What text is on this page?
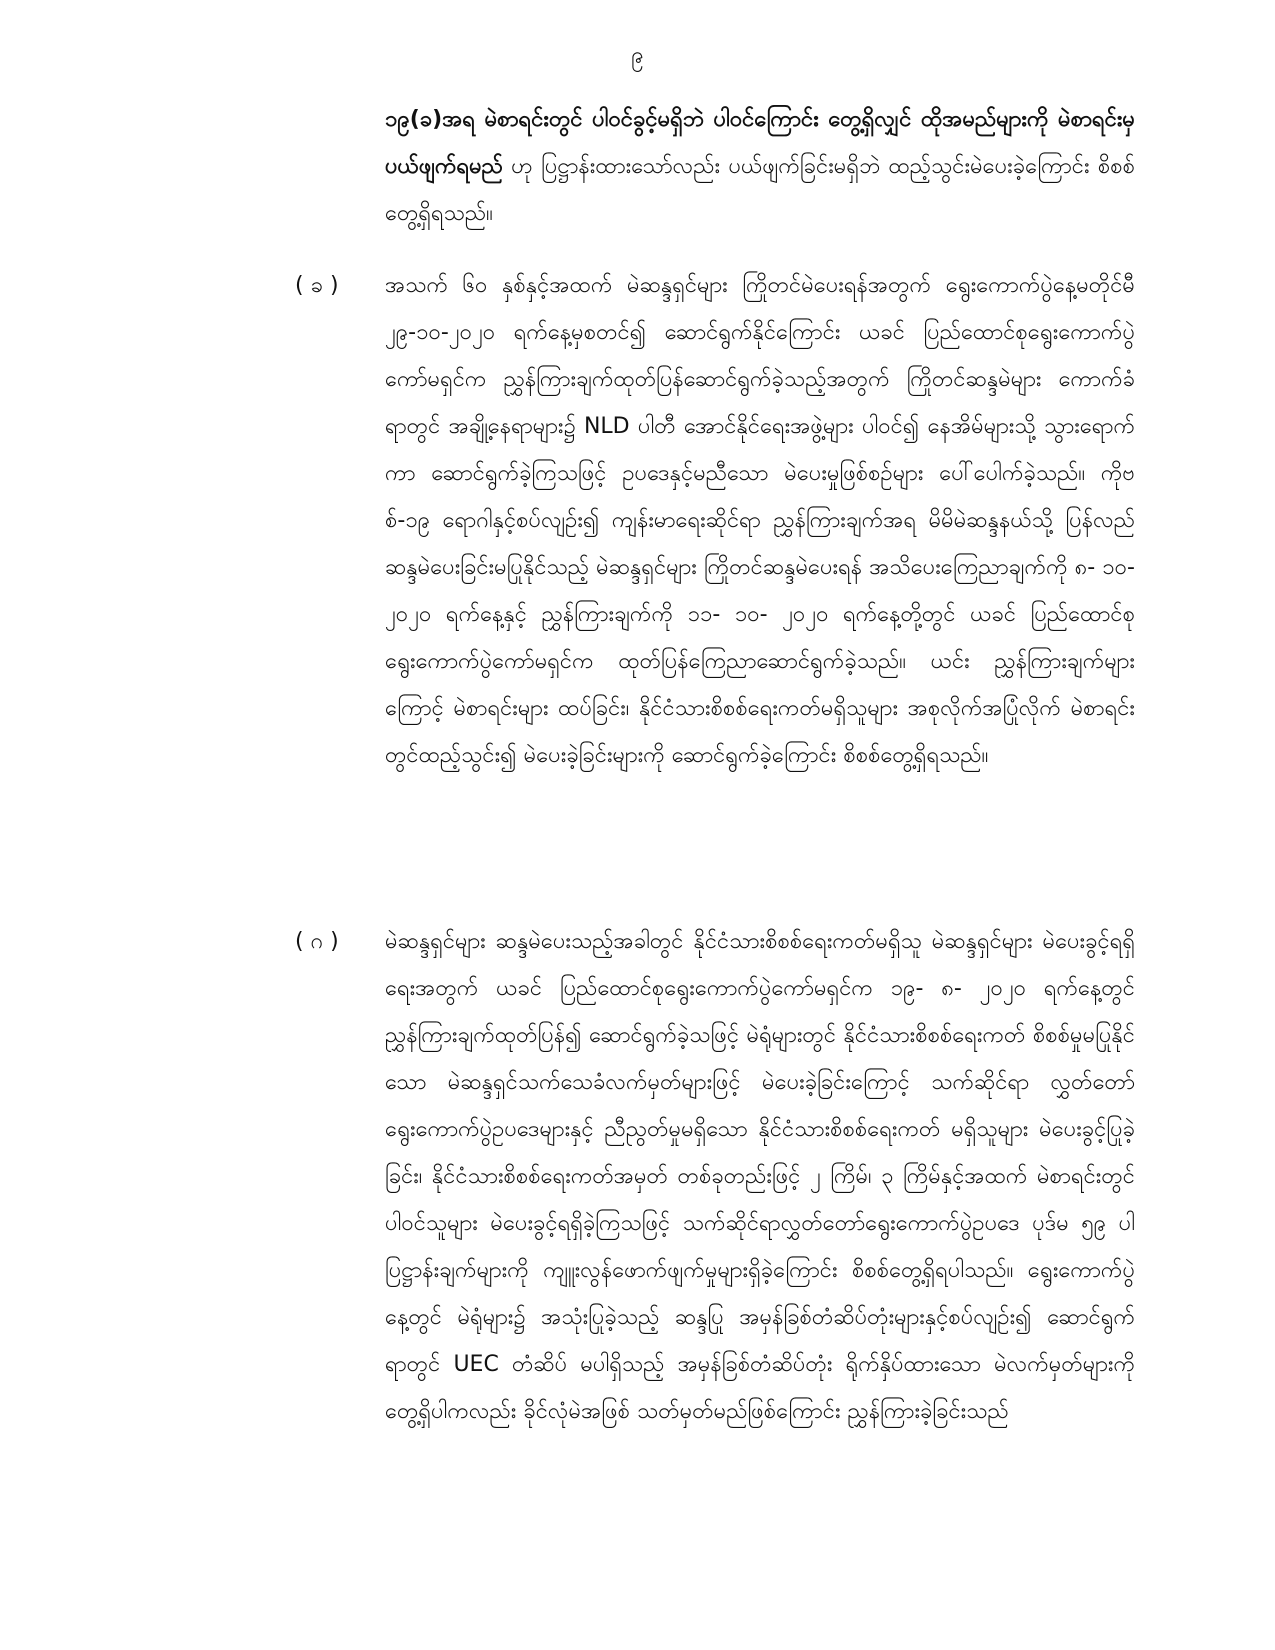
၉
၁၉(ခ)အရ မဲစာရင်းတွင် ပါဝင်ခွင့်မရှိဘဲ ပါဝင်ကြောင်း တွေ့ရှိလျှင် ထိုအမည်များကို မဲစာရင်းမှ ပယ်ဖျက်ရမည် ဟု ပြဋ္ဌာန်းထားသော်လည်း ပယ်ဖျက်ခြင်းမရှိဘဲ ထည့်သွင်းမဲပေးခဲ့ကြောင်း စိစစ်တွေ့ရှိရသည်။
( ခ ) အသက် ၆၀ နှစ်နှင့်အထက် မဲဆန္ဒရှင်များ ကြိုတင်မဲပေးရန်အတွက် ရွေးကောက်ပွဲနေ့မတိုင်မီ ၂၉-၁၀-၂၀၂၀ ရက်နေ့မှစတင်၍ ဆောင်ရွက်နိုင်ကြောင်း ယခင် ပြည်ထောင်စုရွေးကောက်ပွဲကော်မရှင်က ညွှန်ကြားချက်ထုတ်ပြန်ဆောင်ရွက်ခဲ့သည့်အတွက် ကြိုတင်ဆန္ဒမဲများ ကောက်ခံရာတွင် အချို့နေရာများ၌ NLD ပါတီ အောင်နိုင်ရေးအဖွဲ့များ ပါဝင်၍ နေအိမ်များသို့ သွားရောက်ကာ ဆောင်ရွက်ခဲ့ကြသဖြင့် ဥပဒေနှင့်မညီသော မဲပေးမှုဖြစ်စဉ်များ ပေါ်ပေါက်ခဲ့သည်။ ကိုဗစ်-၁၉ ရောဂါနှင့်စပ်လျဉ်း၍ ကျန်းမာရေးဆိုင်ရာ ညွှန်ကြားချက်အရ မိမိမဲဆန္ဒနယ်သို့ ပြန်လည်ဆန္ဒမဲပေးခြင်းမပြုနိုင်သည့် မဲဆန္ဒရှင်များ ကြိုတင်ဆန္ဒမဲပေးရန် အသိပေးကြေညာချက်ကို ၈- ၁၀- ၂၀၂၀ ရက်နေ့နှင့် ညွှန်ကြားချက်ကို ၁၁- ၁၀- ၂၀၂၀ ရက်နေ့တို့တွင် ယခင် ပြည်ထောင်စုရွေးကောက်ပွဲကော်မရှင်က ထုတ်ပြန်ကြေညာဆောင်ရွက်ခဲ့သည်။ ယင်း ညွှန်ကြားချက်များကြောင့် မဲစာရင်းများ ထပ်ခြင်း၊ နိုင်ငံသားစိစစ်ရေးကတ်မရှိသူများ အစုလိုက်အပြုံလိုက် မဲစာရင်းတွင်ထည့်သွင်း၍ မဲပေးခဲ့ခြင်းများကို ဆောင်ရွက်ခဲ့ကြောင်း စိစစ်တွေ့ရှိရသည်။
( ဂ ) မဲဆန္ဒရှင်များ ဆန္ဒမဲပေးသည့်အခါတွင် နိုင်ငံသားစိစစ်ရေးကတ်မရှိသူ မဲဆန္ဒရှင်များ မဲပေးခွင့်ရရှိရေးအတွက် ယခင် ပြည်ထောင်စုရွေးကောက်ပွဲကော်မရှင်က ၁၉- ၈- ၂၀၂၀ ရက်နေ့တွင် ညွှန်ကြားချက်ထုတ်ပြန်၍ ဆောင်ရွက်ခဲ့သဖြင့် မဲရုံများတွင် နိုင်ငံသားစိစစ်ရေးကတ် စိစစ်မှုမပြုနိုင်သော မဲဆန္ဒရှင်သက်သေခံလက်မှတ်များဖြင့် မဲပေးခဲ့ခြင်းကြောင့် သက်ဆိုင်ရာ လွှတ်တော်ရွေးကောက်ပွဲဥပဒေများနှင့် ညီညွတ်မှုမရှိသော နိုင်ငံသားစိစစ်ရေးကတ် မရှိသူများ မဲပေးခွင့်ပြုခဲ့ခြင်း၊ နိုင်ငံသားစိစစ်ရေးကတ်အမှတ် တစ်ခုတည်းဖြင့် ၂ ကြိမ်၊ ၃ ကြိမ်နှင့်အထက် မဲစာရင်းတွင် ပါဝင်သူများ မဲပေးခွင့်ရရှိခဲ့ကြသဖြင့် သက်ဆိုင်ရာလွှတ်တော်ရွေးကောက်ပွဲဥပဒေ ပုဒ်မ ၅၉ ပါ ပြဋ္ဌာန်းချက်များကို ကျူးလွန်ဖောက်ဖျက်မှုများရှိခဲ့ကြောင်း စိစစ်တွေ့ရှိရပါသည်။ ရွေးကောက်ပွဲနေ့တွင် မဲရုံများ၌ အသုံးပြုခဲ့သည့် ဆန္ဒပြု အမှန်ခြစ်တံဆိပ်တုံးများနှင့်စပ်လျဉ်း၍ ဆောင်ရွက်ရာတွင် UEC တံဆိပ် မပါရှိသည့် အမှန်ခြစ်တံဆိပ်တုံး ရိုက်နှိပ်ထားသော မဲလက်မှတ်များကို တွေ့ရှိပါကလည်း ခိုင်လုံမဲအဖြစ် သတ်မှတ်မည်ဖြစ်ကြောင်း ညွှန်ကြားခဲ့ခြင်းသည်
